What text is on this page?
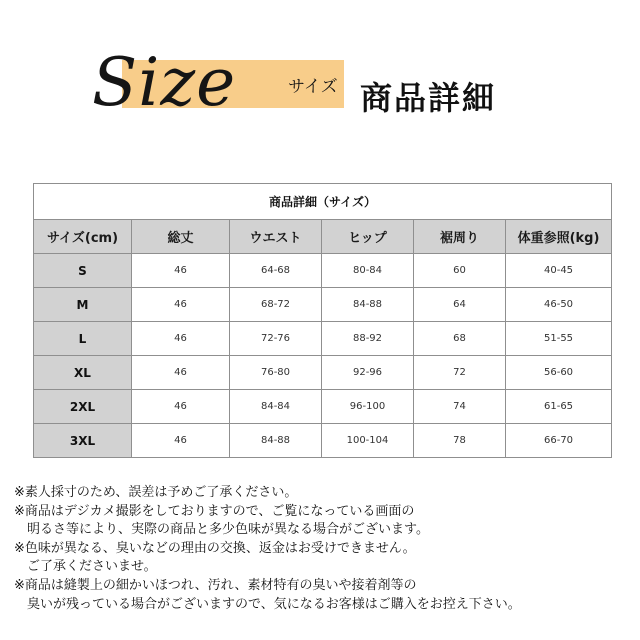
Size	サイズ 商品詳細
商品詳細（サイズ）					
サイズ(cm)	総丈	ウエスト	ヒップ	裾周り	体重参照(kg)
S	46	64-68	80-84	60	40-45
M	46	68-72	84-88	64	46-50
L	46	72-76	88-92	68	51-55
XL	46	76-80	92-96	72	56-60
2XL	46	84-84	96-100	74	61-65
3XL	46	84-88	100-104	78	66-70
※素人採寸のため、誤差は予めご了承ください。
※商品はデジカメ撮影をしておりますので、ご覧になっている画面の
　明るさ等により、実際の商品と多少色味が異なる場合がございます。
※色味が異なる、臭いなどの理由の交換、返金はお受けできません。
　ご了承くださいませ。
※商品は縫製上の細かいほつれ、汚れ、素材特有の臭いや接着剤等の
　臭いが残っている場合がございますので、気になるお客様はご購入をお控え下さい。
